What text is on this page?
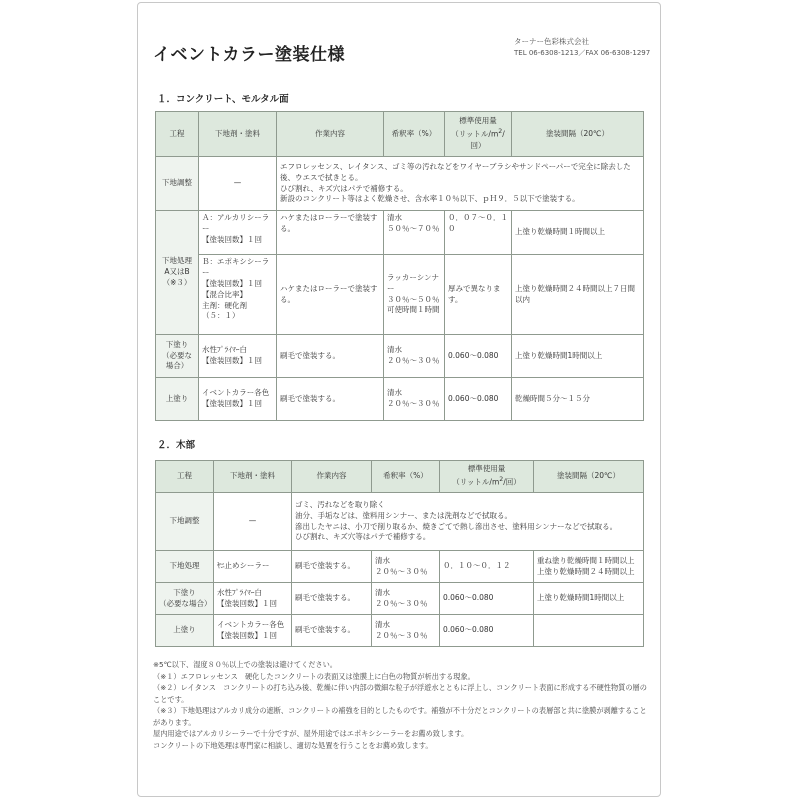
イベントカラー塗装仕様
ターナー色彩株式会社
TEL 06-6308-1213／FAX 06-6308-1297
１．コンクリート、モルタル面
工程	下地剤・塗料	作業内容	希釈率（%）	標準使用量
（リットル$/m^2/$
回）	塗装間隔（20℃）
下地調整	—	エフロレッセンス、レイタンス、ゴミ等の汚れなどをワイヤーブラシやサンドペーパーで完全に除去した後、ウエスで拭きとる。
ひび割れ、キズ穴はパテで補修する。
新設のコンクリート等はよく乾燥させ、含水率１０％以下、ｐＨ９．５以下で塗装する。			
下地処理
A又はB
（※３）	Ａ：アルカリシーラー
【塗装回数】１回	ハケまたはローラーで塗装する。	清水
５０％～７０％	０．０７～０．１０	上塗り乾燥時間１時間以上
	Ｂ：エポキシシーラー
【塗装回数】１回
【混合比率】
主剤：硬化剤
（５：１）	ハケまたはローラーで塗装する。	ラッカーシンナー
３０％～５０％
可使時間１時間	厚みで異なります。	上塗り乾燥時間２４時間以上７日間以内
下塗り
（必要な場合）	水性ﾌﾟﾗｲﾏｰ白
【塗装回数】１回	刷毛で塗装する。	清水
２０％～３０％	0.060～0.080	上塗り乾燥時間1時間以上
上塗り	イベントカラー各色
【塗装回数】１回	刷毛で塗装する。	清水
２０％～３０％	0.060～0.080	乾燥時間５分～１５分
２．木部
工程	下地剤・塗料	作業内容	希釈率（%）	標準使用量
（リットル$/m^2/$回）	塗装間隔（20℃）
下地調整	—	ゴミ、汚れなどを取り除く
油分、手垢などは、塗料用シンナー、または洗剤などで拭取る。
滲出したヤニは、小刀で削り取るか、焼きごてで熱し滲出させ、塗料用シンナーなどで拭取る。
ひび割れ、キズ穴等はパテで補修する。			
下地処理	ﾔﾆ止めシーラー	刷毛で塗装する。	清水
２０％～３０％	０．１０～０．１２	重ね塗り乾燥時間１時間以上
上塗り乾燥時間２４時間以上
下塗り
（必要な場合）	水性ﾌﾟﾗｲﾏｰ白
【塗装回数】１回	刷毛で塗装する。	清水
２０％～３０％	0.060～0.080	上塗り乾燥時間1時間以上
上塗り	イベントカラー各色
【塗装回数】１回	刷毛で塗装する。	清水
２０％～３０％	0.060～0.080	
※5℃以下、湿度８０％以上での塗装は避けてください。
（※１）エフロレッセンス　硬化したコンクリートの表面又は塗膜上に白色の物質が析出する現象。
（※２）レイタンス　コンクリートの打ち込み後、乾燥に伴い内部の微細な粒子が浮遊水とともに浮上し、コンクリート表面に形成する不硬性物質の層のことです。
（※３）下地処理はアルカリ成分の遮断、コンクリートの補強を目的としたものです。補強が不十分だとコンクリートの表層部と共に塗膜が剥離することがあります。
屋内用途ではアルカリシーラーで十分ですが、屋外用途ではエポキシシーラーをお薦め致します。
コンクリートの下地処理は専門家に相談し、適切な処置を行うことをお薦め致します。
